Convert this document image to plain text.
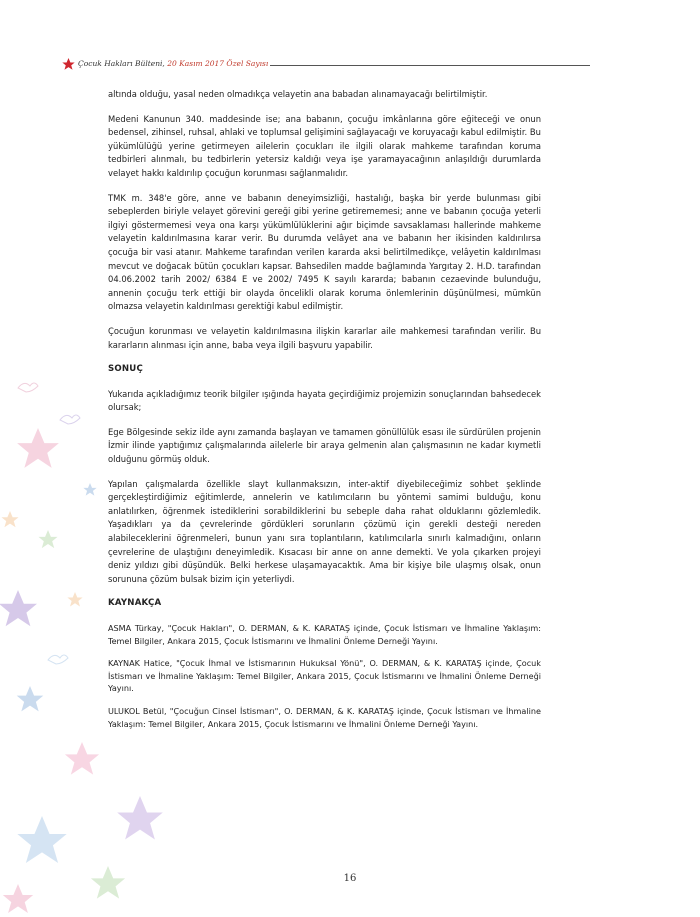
Çocuk Hakları Bülteni, 20 Kasım 2017 Özel Sayısı

altında olduğu, yasal neden olmadıkça velayetin ana babadan alınamayacağı belirtilmiştir.

Medeni Kanunun 340. maddesinde ise; ana babanın, çocuğu imkânlarına göre eğiteceği ve onun bedensel, zihinsel, ruhsal, ahlaki ve toplumsal gelişimini sağlayacağı ve koruyacağı kabul edilmiştir. Bu yükümlülüğü yerine getirmeyen ailelerin çocukları ile ilgili olarak mahkeme tarafından koruma tedbirleri alınmalı, bu tedbirlerin yetersiz kaldığı veya işe yaramayacağının anlaşıldığı durumlarda velayet hakkı kaldırılıp çocuğun korunması sağlanmalıdır.

TMK m. 348'e göre, anne ve babanın deneyimsizliği, hastalığı, başka bir yerde bulunması gibi sebeplerden biriyle velayet görevini gereği gibi yerine getirememesi; anne ve babanın çocuğa yeterli ilgiyi göstermemesi veya ona karşı yükümlülüklerini ağır biçimde savsaklaması hallerinde mahkeme velayetin kaldırılmasına karar verir. Bu durumda velâyet ana ve babanın her ikisinden kaldırılırsa çocuğa bir vasi atanır. Mahkeme tarafından verilen kararda aksi belirtilmedikçe, velâyetin kaldırılması mevcut ve doğacak bütün çocukları kapsar. Bahsedilen madde bağlamında Yargıtay 2. H.D. tarafından 04.06.2002 tarih 2002/ 6384 E ve 2002/ 7495 K sayılı kararda; babanın cezaevinde bulunduğu, annenin çocuğu terk ettiği bir olayda öncelikli olarak koruma önlemlerinin düşünülmesi, mümkün olmazsa velayetin kaldırılması gerektiği kabul edilmiştir.

Çocuğun korunması ve velayetin kaldırılmasına ilişkin kararlar aile mahkemesi tarafından verilir. Bu kararların alınması için anne, baba veya ilgili başvuru yapabilir.

SONUÇ

Yukarıda açıkladığımız teorik bilgiler ışığında hayata geçirdiğimiz projemizin sonuçlarından bahsedecek olursak;

Ege Bölgesinde sekiz ilde aynı zamanda başlayan ve tamamen gönüllülük esası ile sürdürülen projenin İzmir ilinde yaptığımız çalışmalarında ailelerle bir araya gelmenin alan çalışmasının ne kadar kıymetli olduğunu görmüş olduk.

Yapılan çalışmalarda özellikle slayt kullanmaksızın, inter-aktif diyebileceğimiz sohbet şeklinde gerçekleştirdiğimiz eğitimlerde, annelerin ve katılımcıların bu yöntemi samimi bulduğu, konu anlatılırken, öğrenmek istediklerini sorabildiklerini bu sebeple daha rahat olduklarını gözlemledik. Yaşadıkları ya da çevrelerinde gördükleri sorunların çözümü için gerekli desteği nereden alabileceklerini öğrenmeleri, bunun yanı sıra toplantıların, katılımcılarla sınırlı kalmadığını, onların çevrelerine de ulaştığını deneyimledik. Kısacası bir anne on anne demekti. Ve yola çıkarken projeyi deniz yıldızı gibi düşündük. Belki herkese ulaşamayacaktık. Ama bir kişiye bile ulaşmış olsak, onun sorununa çözüm bulsak bizim için yeterliydi.

KAYNAKÇA

ASMA Türkay, "Çocuk Hakları", O. DERMAN, & K. KARATAŞ içinde, Çocuk İstismarı ve İhmaline Yaklaşım: Temel Bilgiler, Ankara 2015, Çocuk İstismarını ve İhmalini Önleme Derneği Yayını.

KAYNAK Hatice, "Çocuk İhmal ve İstismarının Hukuksal Yönü", O. DERMAN, & K. KARATAŞ içinde, Çocuk İstismarı ve İhmaline Yaklaşım: Temel Bilgiler, Ankara 2015, Çocuk İstismarını ve İhmalini Önleme Derneği Yayını.

ULUKOL Betül, "Çocuğun Cinsel İstismarı", O. DERMAN, & K. KARATAŞ içinde, Çocuk İstismarı ve İhmaline Yaklaşım: Temel Bilgiler, Ankara 2015, Çocuk İstismarını ve İhmalini Önleme Derneği Yayını.

16
